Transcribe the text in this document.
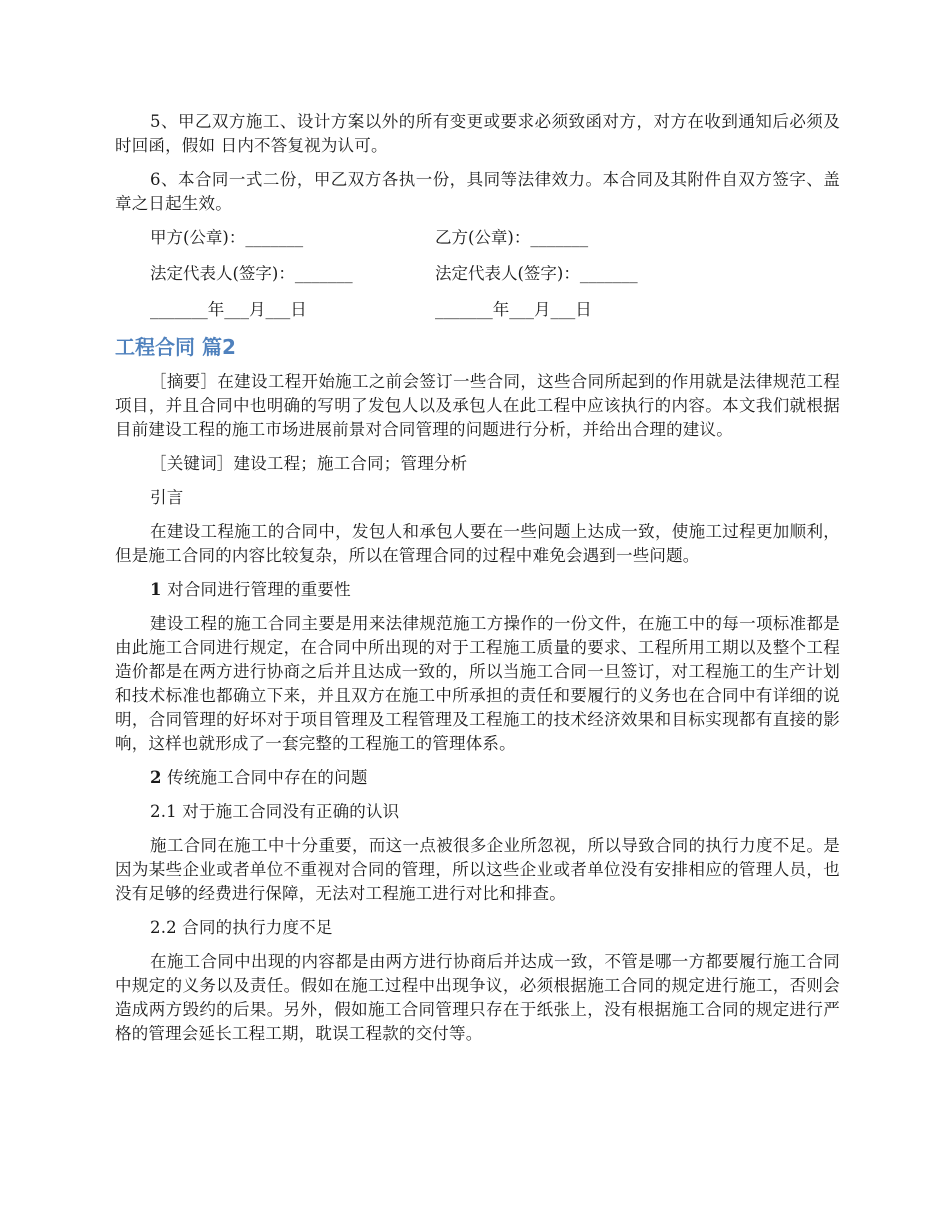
5、甲乙双方施工、设计方案以外的所有变更或要求必须致函对方，对方在收到通知后必须及时回函，假如 日内不答复视为认可。

6、本合同一式二份，甲乙双方各执一份，具同等法律效力。本合同及其附件自双方签字、盖章之日起生效。

甲方(公章)：_______	乙方(公章)：_______
法定代表人(签字)：_______	法定代表人(签字)：_______
_______年___月___日	_______年___月___日
工程合同 篇2

［摘要］在建设工程开始施工之前会签订一些合同，这些合同所起到的作用就是法律规范工程项目，并且合同中也明确的写明了发包人以及承包人在此工程中应该执行的内容。本文我们就根据目前建设工程的施工市场进展前景对合同管理的问题进行分析，并给出合理的建议。

［关键词］建设工程；施工合同；管理分析

引言

在建设工程施工的合同中，发包人和承包人要在一些问题上达成一致，使施工过程更加顺利，但是施工合同的内容比较复杂，所以在管理合同的过程中难免会遇到一些问题。

1 对合同进行管理的重要性

建设工程的施工合同主要是用来法律规范施工方操作的一份文件，在施工中的每一项标准都是由此施工合同进行规定，在合同中所出现的对于工程施工质量的要求、工程所用工期以及整个工程造价都是在两方进行协商之后并且达成一致的，所以当施工合同一旦签订，对工程施工的生产计划和技术标准也都确立下来，并且双方在施工中所承担的责任和要履行的义务也在合同中有详细的说明，合同管理的好坏对于项目管理及工程管理及工程施工的技术经济效果和目标实现都有直接的影响，这样也就形成了一套完整的工程施工的管理体系。

2 传统施工合同中存在的问题

2.1 对于施工合同没有正确的认识

施工合同在施工中十分重要，而这一点被很多企业所忽视，所以导致合同的执行力度不足。是因为某些企业或者单位不重视对合同的管理，所以这些企业或者单位没有安排相应的管理人员，也没有足够的经费进行保障，无法对工程施工进行对比和排查。

2.2 合同的执行力度不足

在施工合同中出现的内容都是由两方进行协商后并达成一致，不管是哪一方都要履行施工合同中规定的义务以及责任。假如在施工过程中出现争议，必须根据施工合同的规定进行施工，否则会造成两方毁约的后果。另外，假如施工合同管理只存在于纸张上，没有根据施工合同的规定进行严格的管理会延长工程工期，耽误工程款的交付等。
